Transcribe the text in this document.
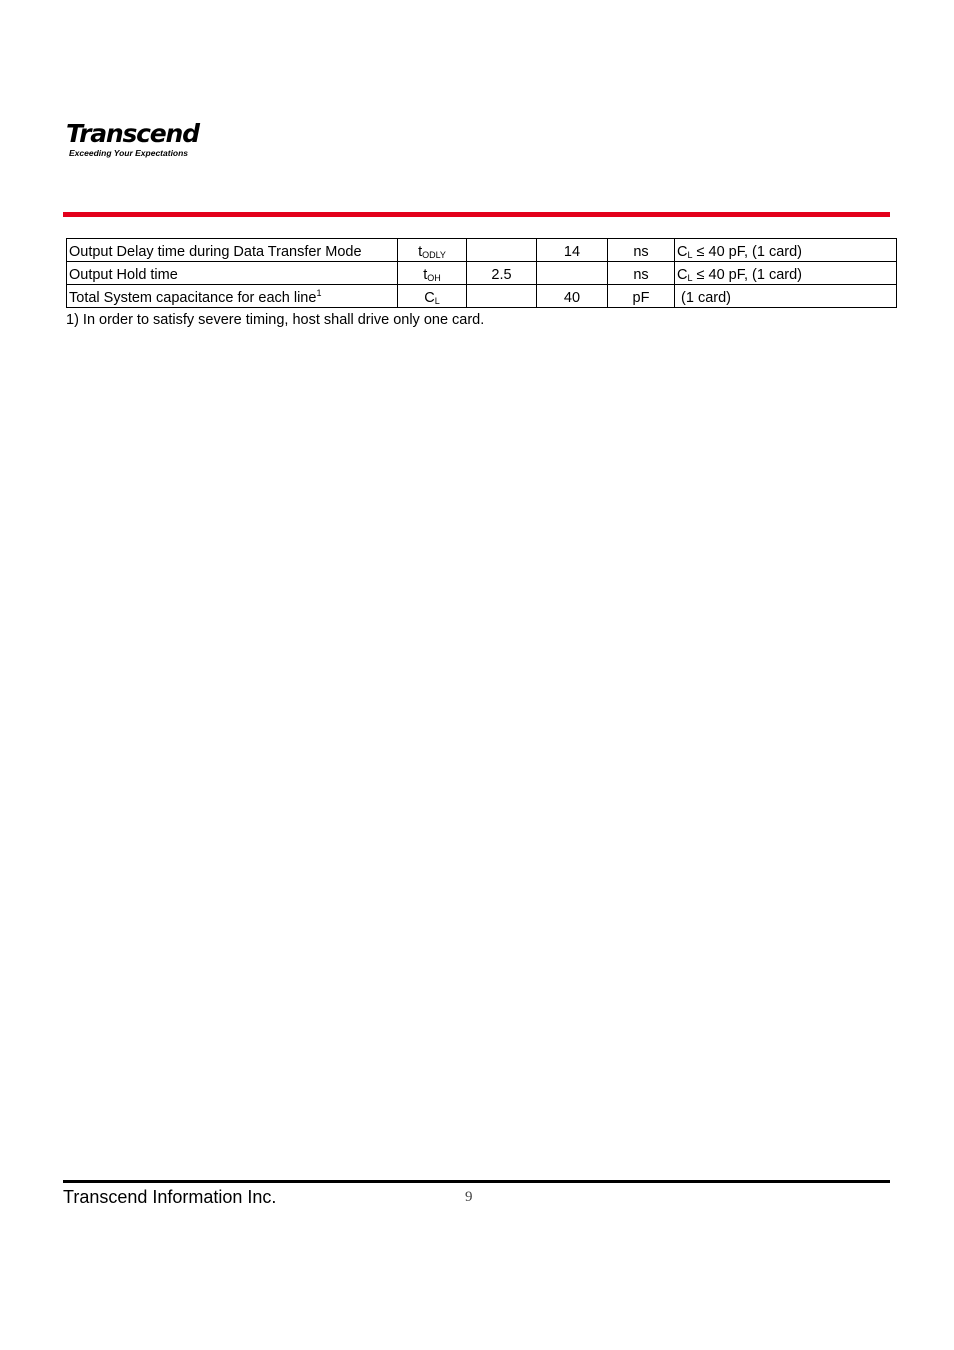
Transcend
Exceeding Your Expectations
Output Delay time during Data Transfer Mode	$t_{ODLY}$		14	ns	$C_L \le 40$ pF, (1 card)
Output Hold time	$t_{OH}$	2.5		ns	$C_L \le 40$ pF, (1 card)
Total System capacitance for each line$^1$	$C_L$		40	pF	(1 card)
1) In order to satisfy severe timing, host shall drive only one card.
Transcend Information Inc.	9
